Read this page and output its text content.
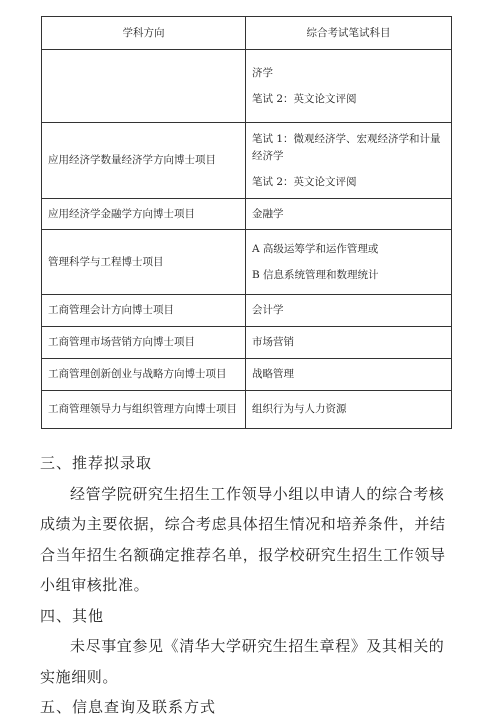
学科方向	综合考试笔试科目

	济学

笔试 2：英文论文评阅

应用经济学数量经济学方向博士项目	笔试 1：微观经济学、宏观经济学和计量经济学

笔试 2：英文论文评阅

应用经济学金融学方向博士项目	金融学
管理科学与工程博士项目	A 高级运筹学和运作管理或

B 信息系统管理和数理统计

工商管理会计方向博士项目	会计学
工商管理市场营销方向博士项目	市场营销
工商管理创新创业与战略方向博士项目	战略管理
工商管理领导力与组织管理方向博士项目	组织行为与人力资源
三、推荐拟录取

经管学院研究生招生工作领导小组以申请人的综合考核成绩为主要依据，综合考虑具体招生情况和培养条件，并结合当年招生名额确定推荐名单，报学校研究生招生工作领导小组审核批准。

四、其他

未尽事宜参见《清华大学研究生招生章程》及其相关的实施细则。

五、信息查询及联系方式
